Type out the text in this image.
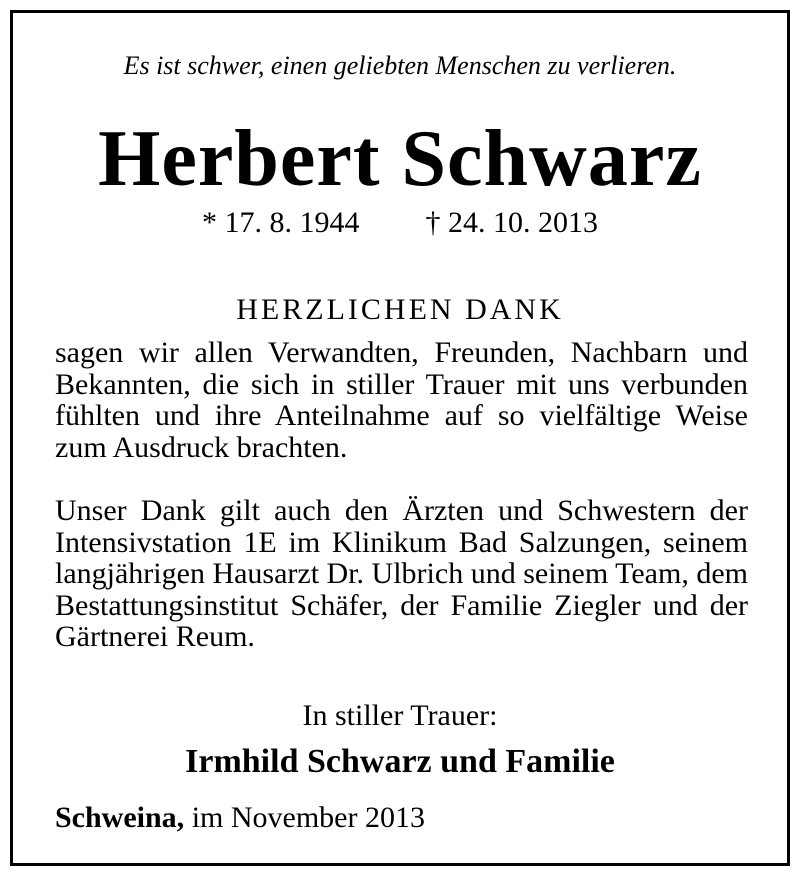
Es ist schwer, einen geliebten Menschen zu verlieren.
Herbert Schwarz
* 17. 8. 1944 † 24. 10. 2013
HERZLICHEN DANK
sagen wir allen Verwandten, Freunden, Nachbarn und Bekannten, die sich in stiller Trauer mit uns verbunden fühlten und ihre Anteilnahme auf so vielfältige Weise zum Ausdruck brachten.
Unser Dank gilt auch den Ärzten und Schwestern der Intensivstation 1E im Klinikum Bad Salzungen, seinem langjährigen Hausarzt Dr. Ulbrich und seinem Team, dem Bestattungsinstitut Schäfer, der Familie Ziegler und der Gärtnerei Reum.
In stiller Trauer:
Irmhild Schwarz und Familie
Schweina, im November 2013
